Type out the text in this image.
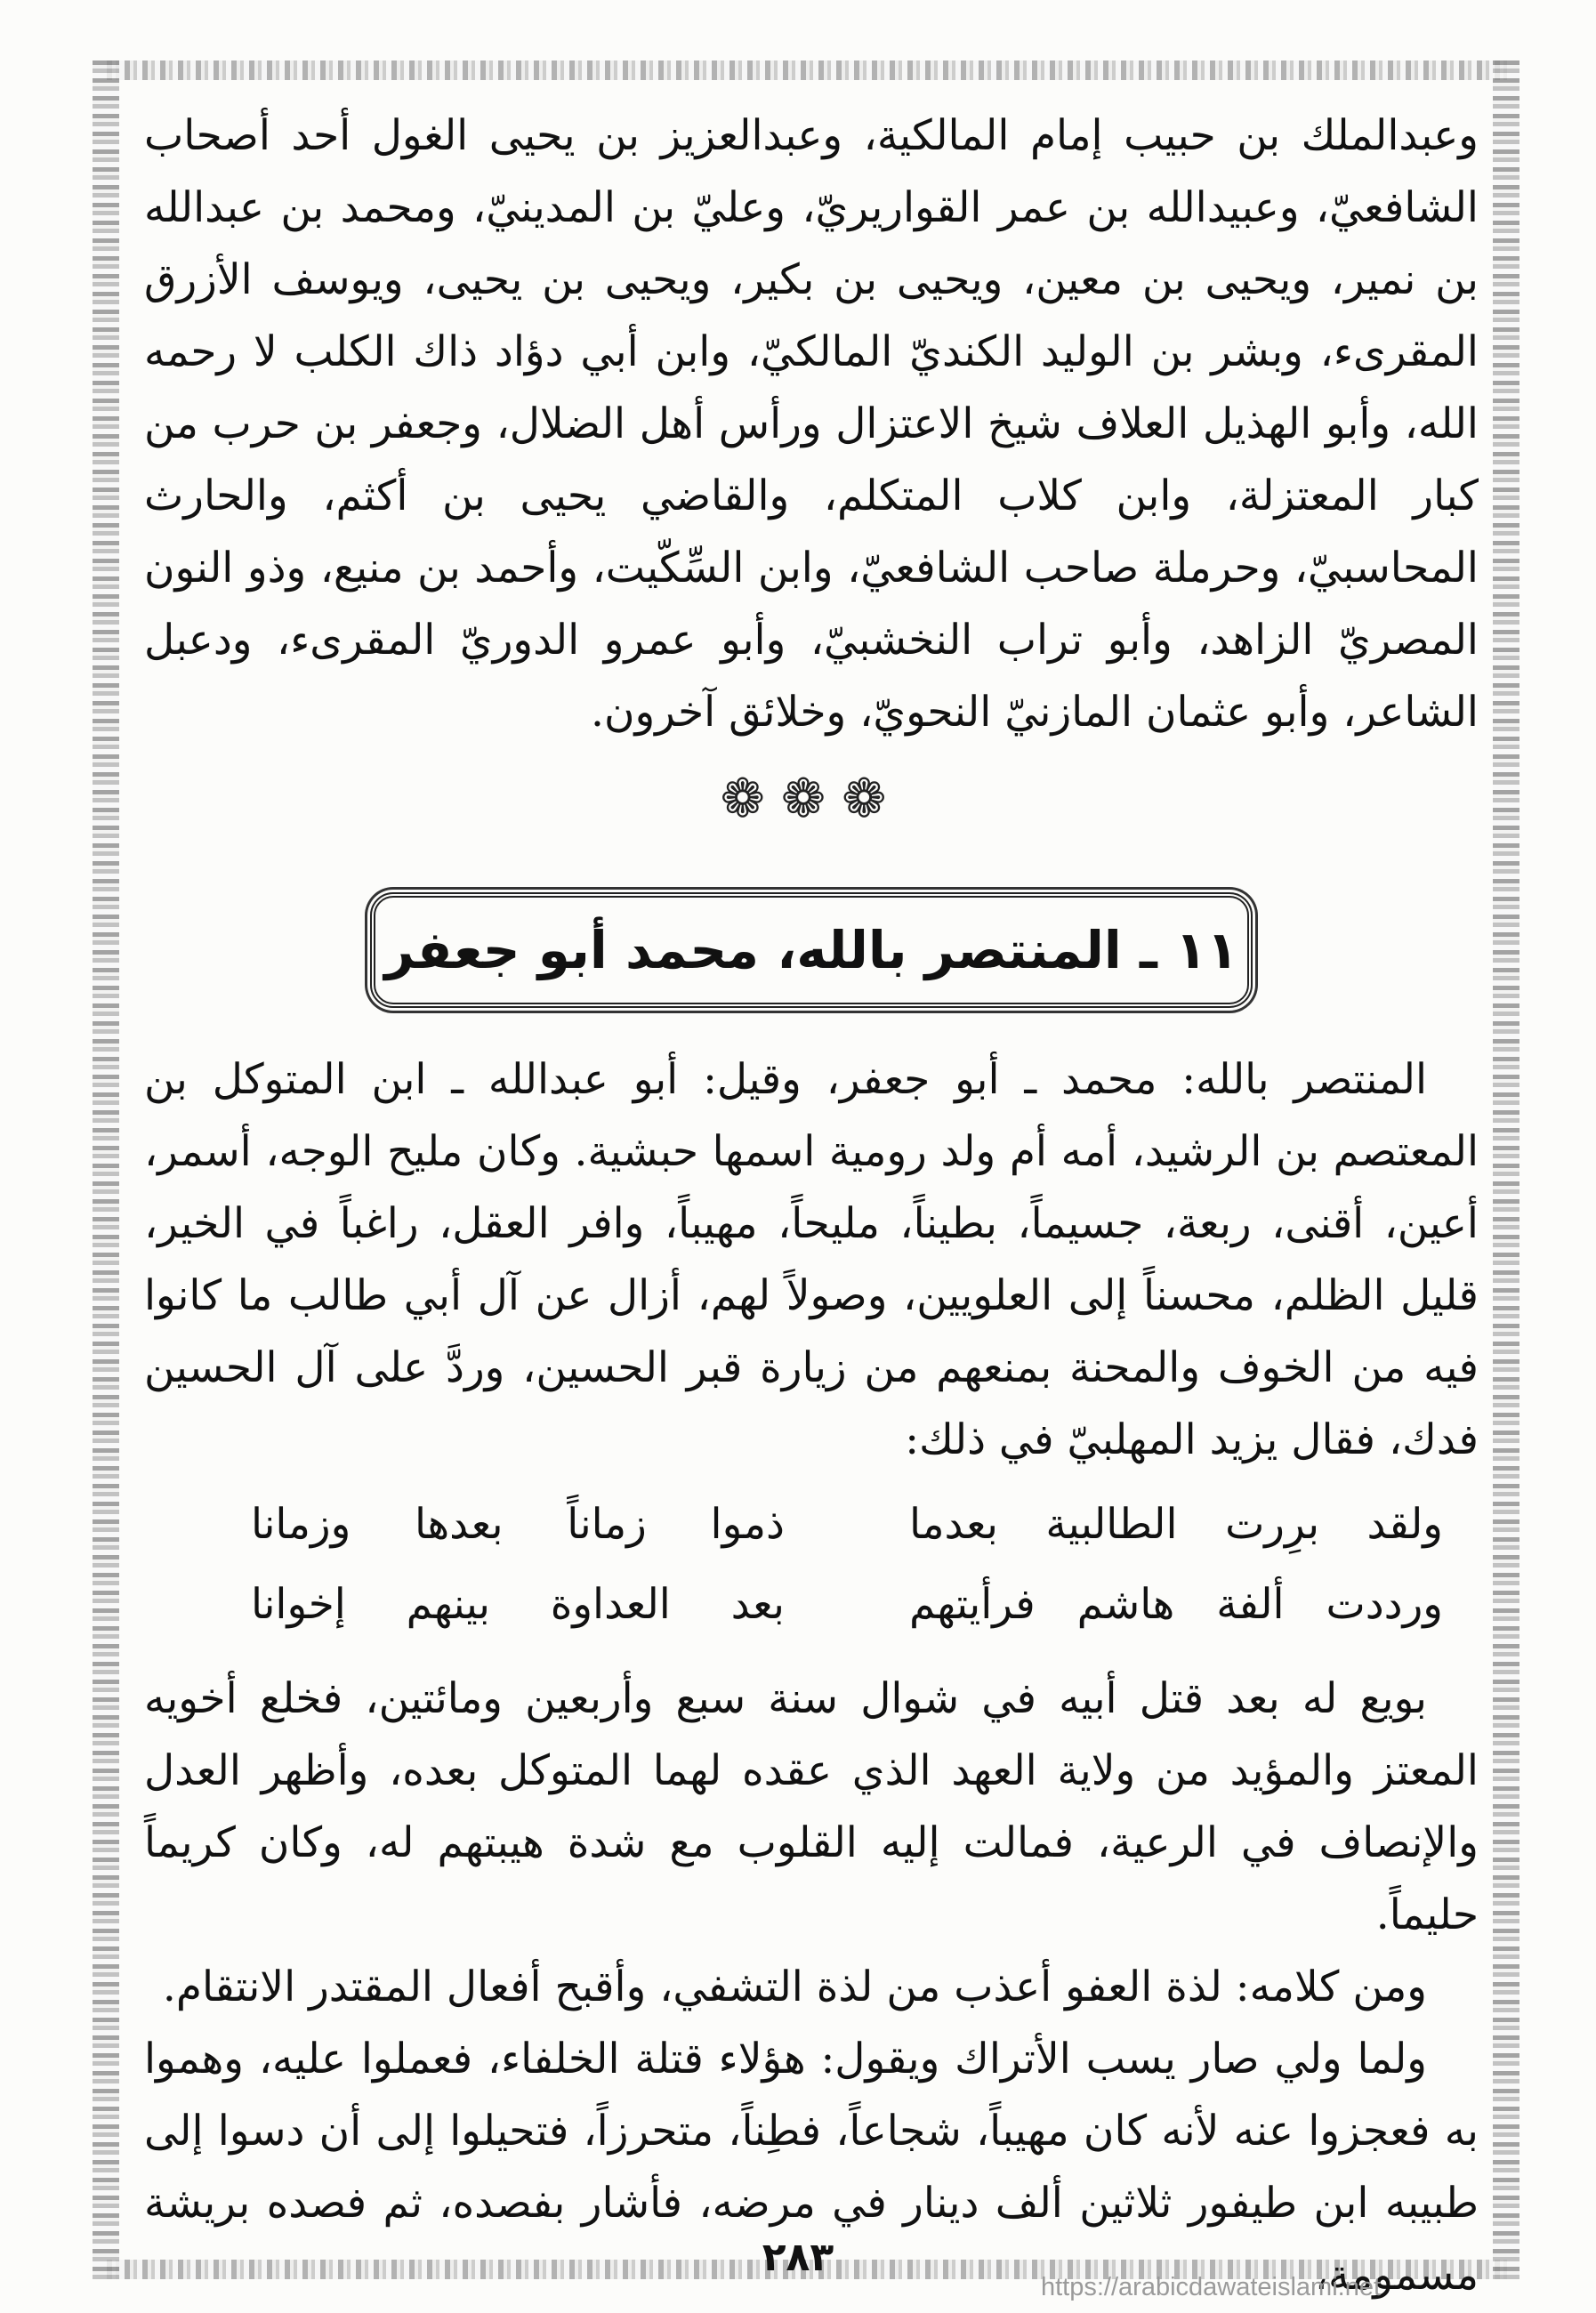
وعبدالملك بن حبيب إمام المالكية، وعبدالعزيز بن يحيى الغول أحد أصحاب الشافعيّ، وعبيدالله بن عمر القواريريّ، وعليّ بن المدينيّ، ومحمد بن عبدالله بن نمير، ويحيى بن معين، ويحيى بن بكير، ويحيى بن يحيى، ويوسف الأزرق المقرىء، وبشر بن الوليد الكنديّ المالكيّ، وابن أبي دؤاد ذاك الكلب لا رحمه الله، وأبو الهذيل العلاف شيخ الاعتزال ورأس أهل الضلال، وجعفر بن حرب من كبار المعتزلة، وابن كلاب المتكلم، والقاضي يحيى بن أكثم، والحارث المحاسبيّ، وحرملة صاحب الشافعيّ، وابن السِّكّيت، وأحمد بن منيع، وذو النون المصريّ الزاهد، وأبو تراب النخشبيّ، وأبو عمرو الدوريّ المقرىء، ودعبل الشاعر، وأبو عثمان المازنيّ النحويّ، وخلائق آخرون.

❁❁❁
١١ ـ المنتصر بالله، محمد أبو جعفر

المنتصر بالله: محمد ـ أبو جعفر، وقيل: أبو عبدالله ـ ابن المتوكل بن المعتصم بن الرشيد، أمه أم ولد رومية اسمها حبشية. وكان مليح الوجه، أسمر، أعين، أقنى، ربعة، جسيماً، بطيناً، مليحاً، مهيباً، وافر العقل، راغباً في الخير، قليل الظلم، محسناً إلى العلويين، وصولاً لهم، أزال عن آل أبي طالب ما كانوا فيه من الخوف والمحنة بمنعهم من زيارة قبر الحسين، وردَّ على آل الحسين فدك، فقال يزيد المهلبيّ في ذلك:

ولقد برِرت الطالبية بعدما
ذموا زماناً بعدها وزمانا
ورددت ألفة هاشم فرأيتهم
بعد العداوة بينهم إخوانا

بويع له بعد قتل أبيه في شوال سنة سبع وأربعين ومائتين، فخلع أخويه المعتز والمؤيد من ولاية العهد الذي عقده لهما المتوكل بعده، وأظهر العدل والإنصاف في الرعية، فمالت إليه القلوب مع شدة هيبتهم له، وكان كريماً حليماً.

ومن كلامه: لذة العفو أعذب من لذة التشفي، وأقبح أفعال المقتدر الانتقام.

ولما ولي صار يسب الأتراك ويقول: هؤلاء قتلة الخلفاء، فعملوا عليه، وهموا به فعجزوا عنه لأنه كان مهيباً، شجاعاً، فطِناً، متحرزاً، فتحيلوا إلى أن دسوا إلى طبيبه ابن طيفور ثلاثين ألف دينار في مرضه، فأشار بفصده، ثم فصده بريشة مسمومة،

٢٨٣
https://arabicdawateislami.net
